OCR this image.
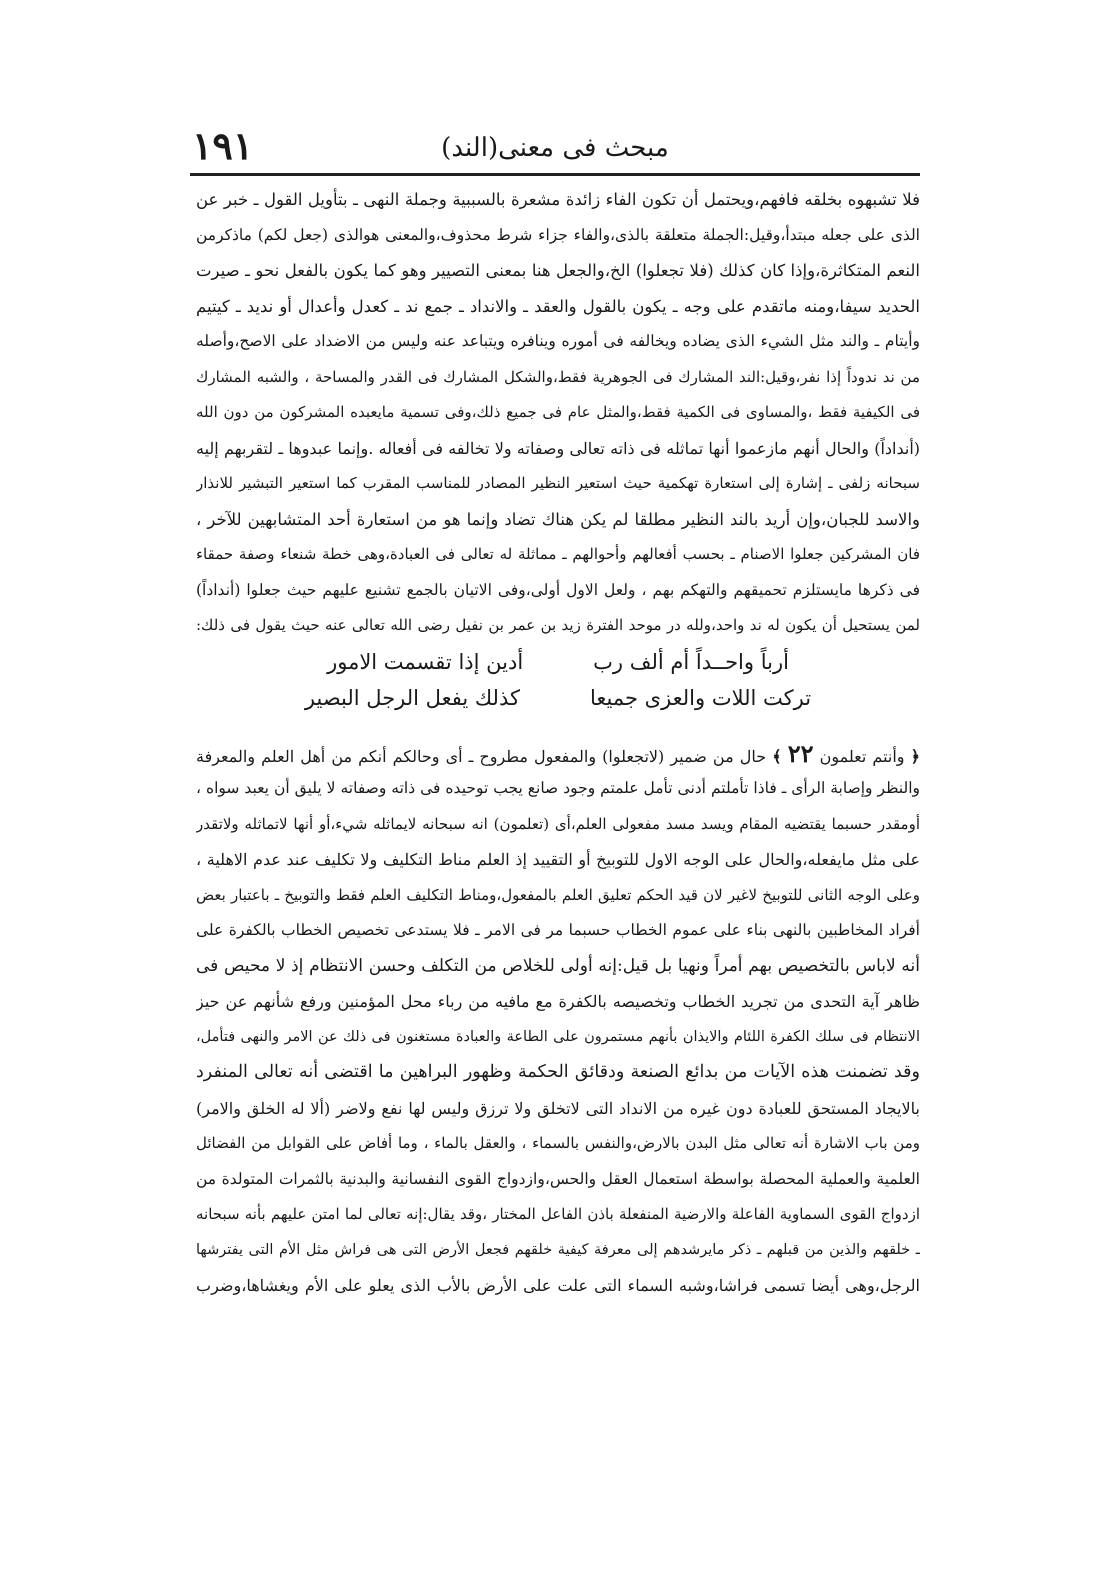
مبحث فى معنى(الند)
١٩١
فلا تشبهوه بخلقه فافهم،ويحتمل أن تكون الفاء زائدة مشعرة بالسببية وجملة النهى ـ بتأويل القول ـ خبر عن
الذى على جعله مبتدأ،وقيل:الجملة متعلقة بالذى،والفاء جزاء شرط محذوف،والمعنى هوالذى (جعل لكم) ماذكرمن
النعم المتكاثرة،وإذا كان كذلك (فلا تجعلوا) الخ،والجعل هنا بمعنى التصيير وهو كما يكون بالفعل نحو ـ صيرت
الحديد سيفا،ومنه ماتقدم على وجه ـ يكون بالقول والعقد ـ والانداد ـ جمع ند ـ كعدل وأعدال أو نديد ـ كيتيم
وأيتام ـ والند مثل الشيء الذى يضاده ويخالفه فى أموره وينافره ويتباعد عنه وليس من الاضداد على الاصح،وأصله
من ند ندوداً إذا نفر،وقيل:الند المشارك فى الجوهرية فقط،والشكل المشارك فى القدر والمساحة ، والشبه المشارك
فى الكيفية فقط ،والمساوى فى الكمية فقط،والمثل عام فى جميع ذلك،وفى تسمية مايعبده المشركون من دون الله
(أنداداً) والحال أنهم مازعموا أنها تماثله فى ذاته تعالى وصفاته ولا تخالفه فى أفعاله .وإنما عبدوها ـ لتقربهم إليه
سبحانه زلفى ـ إشارة إلى استعارة تهكمية حيث استعير النظير المصادر للمناسب المقرب كما استعير التبشير للانذار
والاسد للجبان،وإن أريد بالند النظير مطلقا لم يكن هناك تضاد وإنما هو من استعارة أحد المتشابهين للآخر ،
فان المشركين جعلوا الاصنام ـ بحسب أفعالهم وأحوالهم ـ مماثلة له تعالى فى العبادة،وهى خطة شنعاء وصفة حمقاء
فى ذكرها مايستلزم تحميقهم والتهكم بهم ، ولعل الاول أولى،وفى الاتيان بالجمع تشنيع عليهم حيث جعلوا (أنداداً)
لمن يستحيل أن يكون له ند واحد،ولله در موحد الفترة زيد بن عمر بن نفيل رضى الله تعالى عنه حيث يقول فى ذلك:
أرباً واحــداً أم ألف رب
أدين إذا تقسمت الامور
تركت اللات والعزى جميعا
كذلك يفعل الرجل البصير
﴿ وأنتم تعلمون ٢٢ ﴾ حال من ضمير (لاتجعلوا) والمفعول مطروح ـ أى وحالكم أنكم من أهل العلم والمعرفة
والنظر وإصابة الرأى ـ فاذا تأملتم أدنى تأمل علمتم وجود صانع يجب توحيده فى ذاته وصفاته لا يليق أن يعبد سواه ،
أومقدر حسبما يقتضيه المقام ويسد مسد مفعولى العلم،أى (تعلمون) انه سبحانه لايماثله شيء،أو أنها لاتماثله ولاتقدر
على مثل مايفعله،والحال على الوجه الاول للتوبيخ أو التقييد إذ العلم مناط التكليف ولا تكليف عند عدم الاهلية ،
وعلى الوجه الثانى للتوبيخ لاغير لان قيد الحكم تعليق العلم بالمفعول،ومناط التكليف العلم فقط والتوبيخ ـ باعتبار بعض
أفراد المخاطبين بالنهى بناء على عموم الخطاب حسبما مر فى الامر ـ فلا يستدعى تخصيص الخطاب بالكفرة على
أنه لاباس بالتخصيص بهم أمراً ونهيا بل قيل:إنه أولى للخلاص من التكلف وحسن الانتظام إذ لا محيص فى
ظاهر آية التحدى من تجريد الخطاب وتخصيصه بالكفرة مع مافيه من رباء محل المؤمنين ورفع شأنهم عن حيز
الانتظام فى سلك الكفرة اللئام والايذان بأنهم مستمرون على الطاعة والعبادة مستغنون فى ذلك عن الامر والنهى فتأمل،
وقد تضمنت هذه الآيات من بدائع الصنعة ودقائق الحكمة وظهور البراهين ما اقتضى أنه تعالى المنفرد
بالايجاد المستحق للعبادة دون غيره من الانداد التى لاتخلق ولا ترزق وليس لها نفع ولاضر (ألا له الخلق والامر)
ومن باب الاشارة أنه تعالى مثل البدن بالارض،والنفس بالسماء ، والعقل بالماء ، وما أفاض على القوابل من الفضائل
العلمية والعملية المحصلة بواسطة استعمال العقل والحس،وازدواج القوى النفسانية والبدنية بالثمرات المتولدة من
ازدواج القوى السماوية الفاعلة والارضية المنفعلة باذن الفاعل المختار ،وقد يقال:إنه تعالى لما امتن عليهم بأنه سبحانه
ـ خلقهم والذين من قبلهم ـ ذكر مايرشدهم إلى معرفة كيفية خلقهم فجعل الأرض التى هى فراش مثل الأم التى يفترشها
الرجل،وهى أيضا تسمى فراشا،وشبه السماء التى علت على الأرض بالأب الذى يعلو على الأم ويغشاها،وضرب
